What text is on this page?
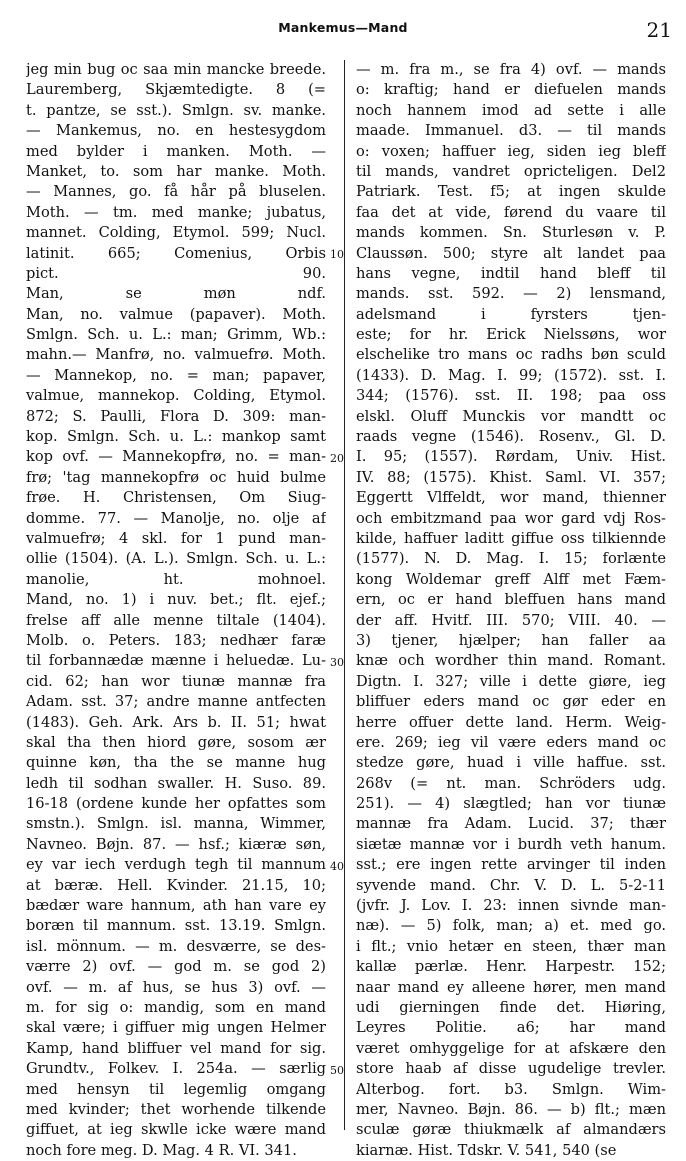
Mankemus—Mand	21
jeg min bug oc saa min mancke breede.
Lauremberg, Skjæmtedigte. 8 (=
t. pantze, se sst.). Smlgn. sv. manke.
— Mankemus, no. en hestesygdom
med bylder i manken. Moth. —
Manket, to. som har manke. Moth.
— Mannes, go. få hår på bluselen.
Moth. — tm. med manke; jubatus,
mannet. Colding, Etymol. 599; Nucl.
latinit. 665; Comenius, Orbis
pict. 90.
Man, se møn ndf.
Man, no. valmue (papaver). Moth.
Smlgn. Sch. u. L.: man; Grimm, Wb.:
mahn.— Manfrø, no. valmuefrø. Moth.
— Mannekop, no. = man; papaver,
valmue, mannekop. Colding, Etymol.
872; S. Paulli, Flora D. 309: man-
kop. Smlgn. Sch. u. L.: mankop samt
kop ovf. — Mannekopfrø, no. = man-
frø; 'tag mannekopfrø oc huid bulme
frøe. H. Christensen, Om Siug-
domme. 77. — Manolje, no. olje af
valmuefrø; 4 skl. for 1 pund man-
ollie (1504). (A. L.). Smlgn. Sch. u. L.:
manolie, ht. mohnoel.
Mand, no. 1) i nuv. bet.; flt. ejef.;
frelse aff alle menne tiltale (1404).
Molb. o. Peters. 183; nedhær faræ
til forbannædæ mænne i heluedæ. Lu-
cid. 62; han wor tiunæ mannæ fra
Adam. sst. 37; andre manne antfecten
(1483). Geh. Ark. Ars b. II. 51; hwat
skal tha then hiord gøre, sosom ær
quinne køn, tha the se manne hug
ledh til sodhan swaller. H. Suso. 89.
16-18 (ordene kunde her opfattes som
smstn.). Smlgn. isl. manna, Wimmer,
Navneo. Bøjn. 87. — hsf.; kiæræ søn,
ey var iech verdugh tegh til mannum
at bæræ. Hell. Kvinder. 21.15, 10;
bædær ware hannum, ath han vare ey
boræn til mannum. sst. 13.19. Smlgn.
isl. mönnum. — m. desværre, se des-
værre 2) ovf. — god m. se god 2)
ovf. — m. af hus, se hus 3) ovf. —
m. for sig o: mandig, som en mand
skal være; i giffuer mig ungen Helmer
Kamp, hand bliffuer vel mand for sig.
Grundtv., Folkev. I. 254a. — særlig
med hensyn til legemlig omgang
med kvinder; thet worhende tilkende
giffuet, at ieg skwlle icke wære mand
noch fore meg. D. Mag. 4 R. VI. 341.
10
20
30
40
50
— m. fra m., se fra 4) ovf. — mands
o: kraftig; hand er diefuelen mands
noch hannem imod ad sette i alle
maade. Immanuel. d3. — til mands
o: voxen; haffuer ieg, siden ieg bleff
til mands, vandret opricteligen. Del2
Patriark. Test. f5; at ingen skulde
faa det at vide, førend du vaare til
mands kommen. Sn. Sturlesøn v. P.
Claussøn. 500; styre alt landet paa
hans vegne, indtil hand bleff til
mands. sst. 592. — 2) lensmand,
adelsmand i fyrsters tjen-
este; for hr. Erick Nielssøns, wor
elschelike tro mans oc radhs bøn sculd
(1433). D. Mag. I. 99; (1572). sst. I.
344; (1576). sst. II. 198; paa oss
elskl. Oluff Munckis vor mandtt oc
raads vegne (1546). Rosenv., Gl. D.
I. 95; (1557). Rørdam, Univ. Hist.
IV. 88; (1575). Khist. Saml. VI. 357;
Eggertt Vlffeldt, wor mand, thienner
och embitzmand paa wor gard vdj Ros-
kilde, haffuer laditt giffue oss tilkiennde
(1577). N. D. Mag. I. 15; forlænte
kong Woldemar greff Alff met Fæm-
ern, oc er hand bleffuen hans mand
der aff. Hvitf. III. 570; VIII. 40. —
3) tjener, hjælper; han faller aa
knæ och wordher thin mand. Romant.
Digtn. I. 327; ville i dette giøre, ieg
bliffuer eders mand oc gør eder en
herre offuer dette land. Herm. Weig-
ere. 269; ieg vil være eders mand oc
stedze gøre, huad i ville haffue. sst.
268v (= nt. man. Schröders udg.
251). — 4) slægtled; han vor tiunæ
mannæ fra Adam. Lucid. 37; thær
siætæ mannæ vor i burdh veth hanum.
sst.; ere ingen rette arvinger til inden
syvende mand. Chr. V. D. L. 5-2-11
(jvfr. J. Lov. I. 23: innen sivnde man-
næ). — 5) folk, man; a) et. med go.
i flt.; vnio hetær en steen, thær man
kallæ pærlæ. Henr. Harpestr. 152;
naar mand ey alleene hører, men mand
udi gierningen finde det. Hiøring,
Leyres Politie. a6; har mand
været omhyggelige for at afskære den
store haab af disse ugudelige trevler.
Alterbog. fort. b3. Smlgn. Wim-
mer, Navneo. Bøjn. 86. — b) flt.; mæn
sculæ gøræ thiukmælk af almandærs
kiarnæ. Hist. Tdskr. V. 541, 540 (se
